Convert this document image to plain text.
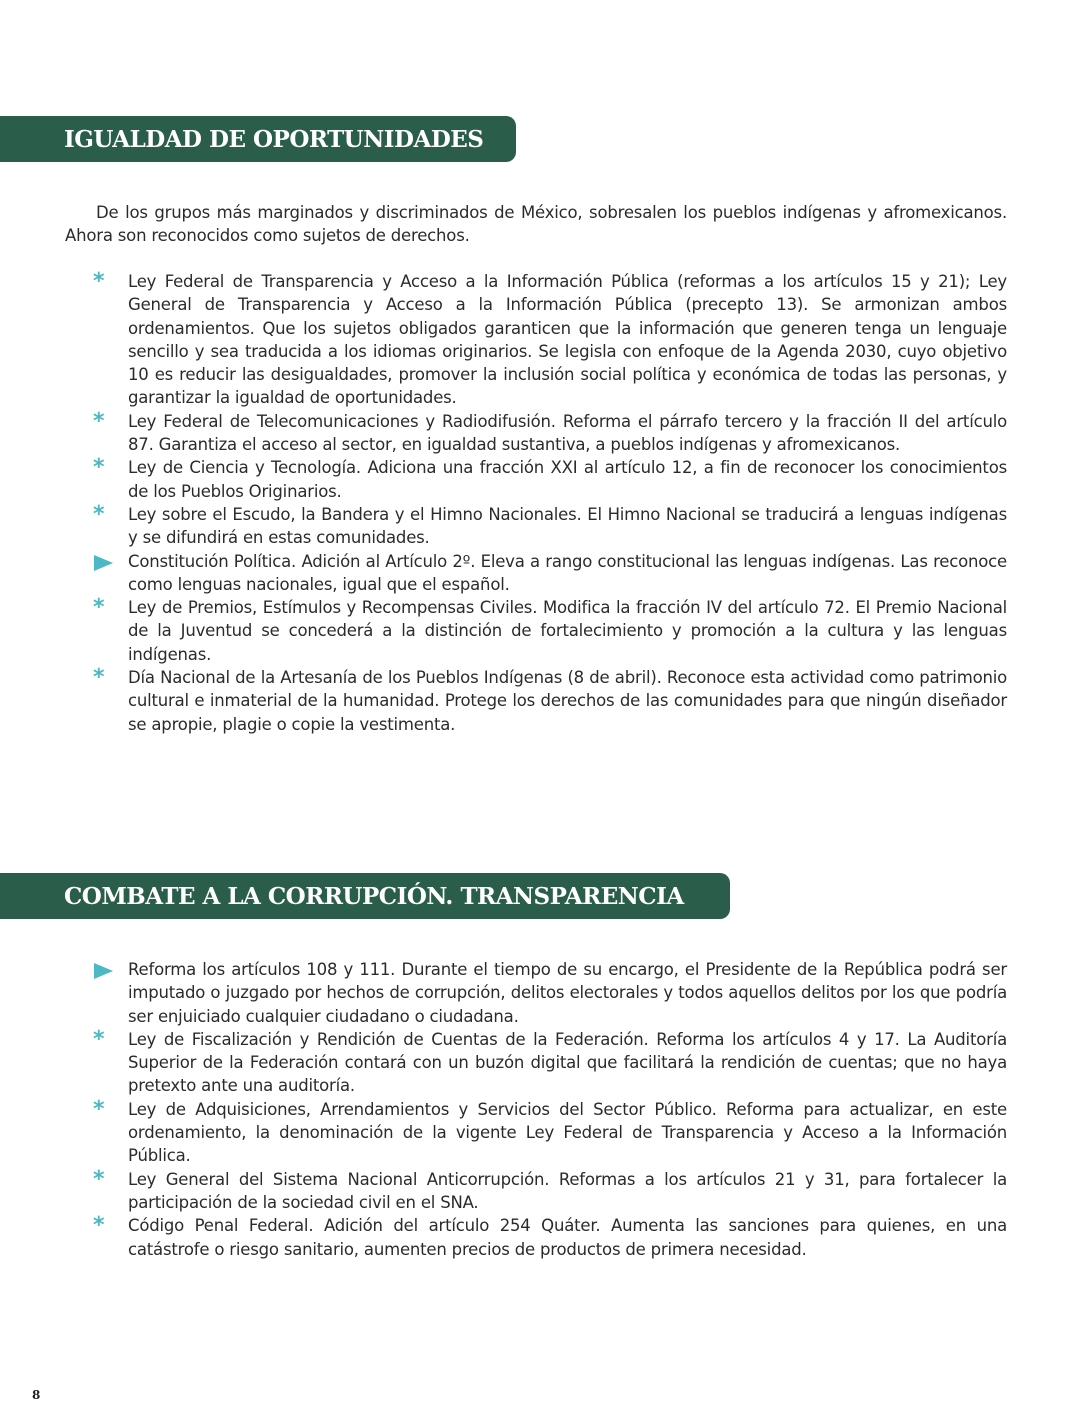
IGUALDAD DE OPORTUNIDADES

De los grupos más marginados y discriminados de México, sobresalen los pueblos indígenas y afromexicanos. Ahora son reconocidos como sujetos de derechos.

* Ley Federal de Transparencia y Acceso a la Información Pública (reformas a los artículos 15 y 21); Ley General de Transparencia y Acceso a la Información Pública (precepto 13). Se armonizan ambos ordenamientos. Que los sujetos obligados garanticen que la información que generen tenga un lenguaje sencillo y sea traducida a los idiomas originarios. Se legisla con enfoque de la Agenda 2030, cuyo objetivo 10 es reducir las desigualdades, promover la inclusión social política y económica de todas las personas, y garantizar la igualdad de oportunidades.
* Ley Federal de Telecomunicaciones y Radiodifusión. Reforma el párrafo tercero y la fracción II del artículo 87. Garantiza el acceso al sector, en igualdad sustantiva, a pueblos indígenas y afromexicanos.
* Ley de Ciencia y Tecnología. Adiciona una fracción XXI al artículo 12, a fin de reconocer los conocimientos de los Pueblos Originarios.
* Ley sobre el Escudo, la Bandera y el Himno Nacionales. El Himno Nacional se traducirá a lenguas indígenas y se difundirá en estas comunidades.
Constitución Política. Adición al Artículo 2º. Eleva a rango constitucional las lenguas indígenas. Las reconoce como lenguas nacionales, igual que el español.
* Ley de Premios, Estímulos y Recompensas Civiles. Modifica la fracción IV del artículo 72. El Premio Nacional de la Juventud se concederá a la distinción de fortalecimiento y promoción a la cultura y las lenguas indígenas.
* Día Nacional de la Artesanía de los Pueblos Indígenas (8 de abril). Reconoce esta actividad como patrimonio cultural e inmaterial de la humanidad. Protege los derechos de las comunidades para que ningún diseñador se apropie, plagie o copie la vestimenta.
COMBATE A LA CORRUPCIÓN. TRANSPARENCIA
Reforma los artículos 108 y 111. Durante el tiempo de su encargo, el Presidente de la República podrá ser imputado o juzgado por hechos de corrupción, delitos electorales y todos aquellos delitos por los que podría ser enjuiciado cualquier ciudadano o ciudadana.
* Ley de Fiscalización y Rendición de Cuentas de la Federación. Reforma los artículos 4 y 17. La Auditoría Superior de la Federación contará con un buzón digital que facilitará la rendición de cuentas; que no haya pretexto ante una auditoría.
* Ley de Adquisiciones, Arrendamientos y Servicios del Sector Público. Reforma para actualizar, en este ordenamiento, la denominación de la vigente Ley Federal de Transparencia y Acceso a la Información Pública.
* Ley General del Sistema Nacional Anticorrupción. Reformas a los artículos 21 y 31, para fortalecer la participación de la sociedad civil en el SNA.
* Código Penal Federal. Adición del artículo 254 Quáter. Aumenta las sanciones para quienes, en una catástrofe o riesgo sanitario, aumenten precios de productos de primera necesidad.
8
